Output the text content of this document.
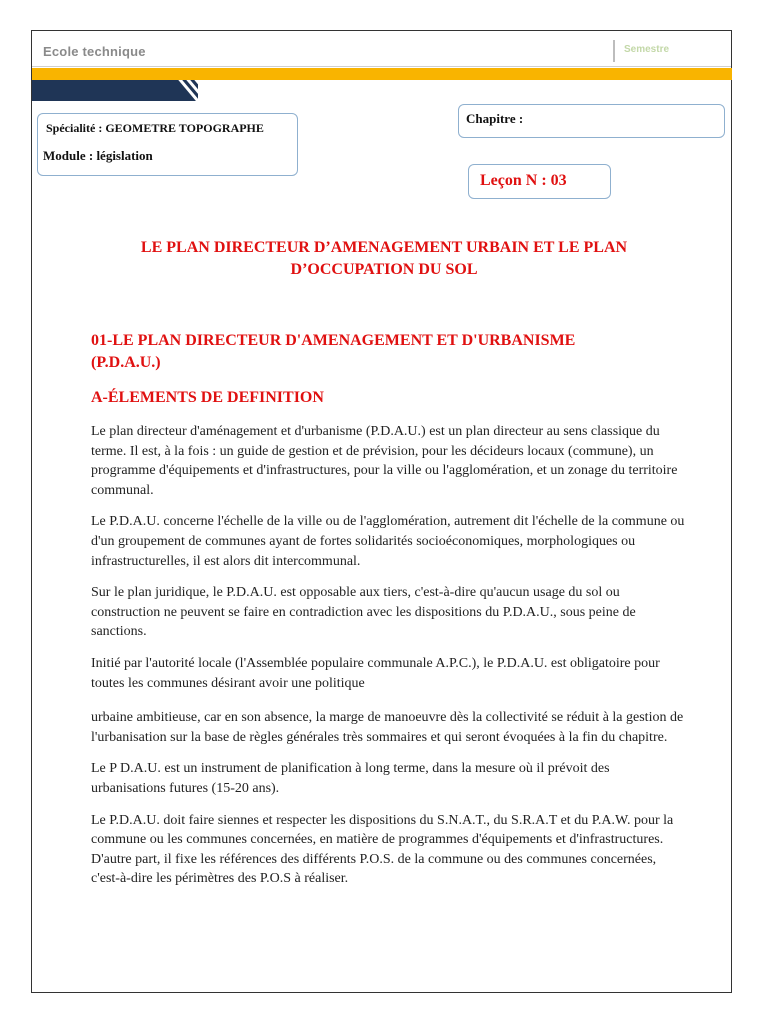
Ecole technique	Semestre
Spécialité : GEOMETRE TOPOGRAPHE
Module : législation
Chapitre :
Leçon N : 03
LE PLAN DIRECTEUR D’AMENAGEMENT URBAIN ET LE PLAN
D’OCCUPATION DU SOL
01-LE PLAN DIRECTEUR D'AMENAGEMENT ET D'URBANISME
(P.D.A.U.)
A-ÉLEMENTS DE DEFINITION

Le plan directeur d'aménagement et d'urbanisme (P.D.A.U.) est un plan directeur au sens classique du terme. Il est, à la fois : un guide de gestion et de prévision, pour les décideurs locaux (commune), un programme d'équipements et d'infrastructures, pour la ville ou l'agglomération, et un zonage du territoire communal.

Le P.D.A.U. concerne l'échelle de la ville ou de l'agglomération, autrement dit l'échelle de la commune ou d'un groupement de communes ayant de fortes solidarités socioéconomiques, morphologiques ou infrastructurelles, il est alors dit intercommunal.

Sur le plan juridique, le P.D.A.U. est opposable aux tiers, c'est-à-dire qu'aucun usage du sol ou construction ne peuvent se faire en contradiction avec les dispositions du P.D.A.U., sous peine de sanctions.

Initié par l'autorité locale (l'Assemblée populaire communale A.P.C.), le P.D.A.U. est obligatoire pour toutes les communes désirant avoir une politique

urbaine ambitieuse, car en son absence, la marge de manoeuvre dès la collectivité se réduit à la gestion de l'urbanisation sur la base de règles générales très sommaires et qui seront évoquées à la fin du chapitre.

Le P D.A.U. est un instrument de planification à long terme, dans la mesure où il prévoit des urbanisations futures (15-20 ans).

Le P.D.A.U. doit faire siennes et respecter les dispositions du S.N.A.T., du S.R.A.T et du P.A.W. pour la commune ou les communes concernées, en matière de programmes d'équipements et d'infrastructures. D'autre part, il fixe les références des différents P.O.S. de la commune ou des communes concernées, c'est-à-dire les périmètres des P.O.S à réaliser.
